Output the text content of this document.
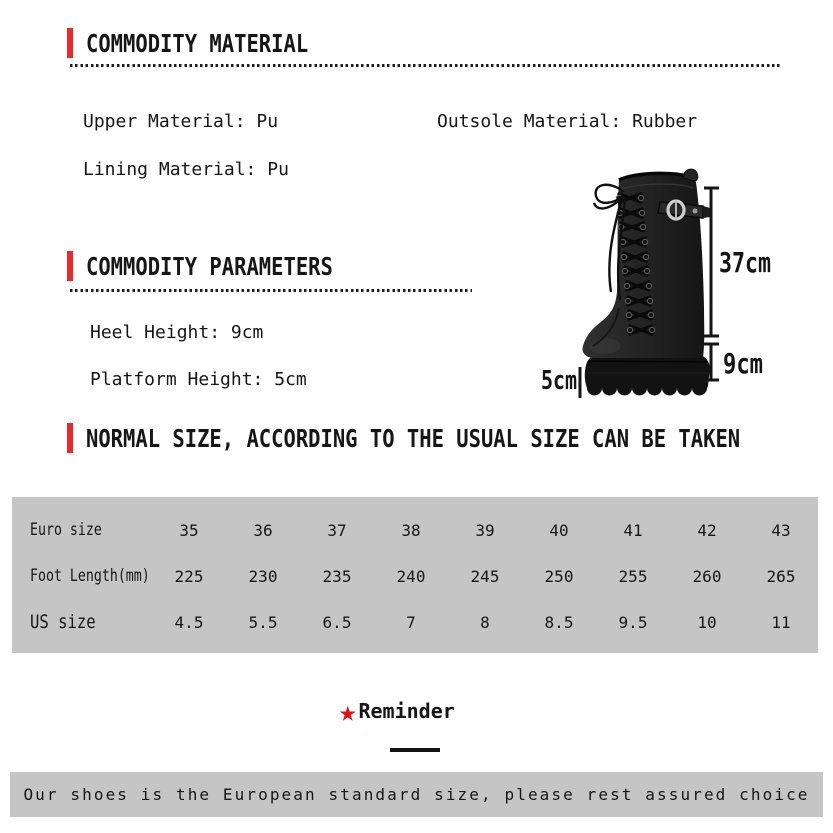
COMMODITY MATERIAL
Upper Material: Pu	Outsole Material: Rubber
Lining Material: Pu
COMMODITY PARAMETERS
Heel Height: 9cm
Platform Height: 5cm
37cm
9cm
5cm
NORMAL SIZE, ACCORDING TO THE USUAL SIZE CAN BE TAKEN
Euro size	35	36	37	38	39	40	41	42	43
Foot Length(mm)	225	230	235	240	245	250	255	260	265
US size	4.5	5.5	6.5	7	8	8.5	9.5	10	11
★ Reminder
Our shoes is the European standard size, please rest assured choice
